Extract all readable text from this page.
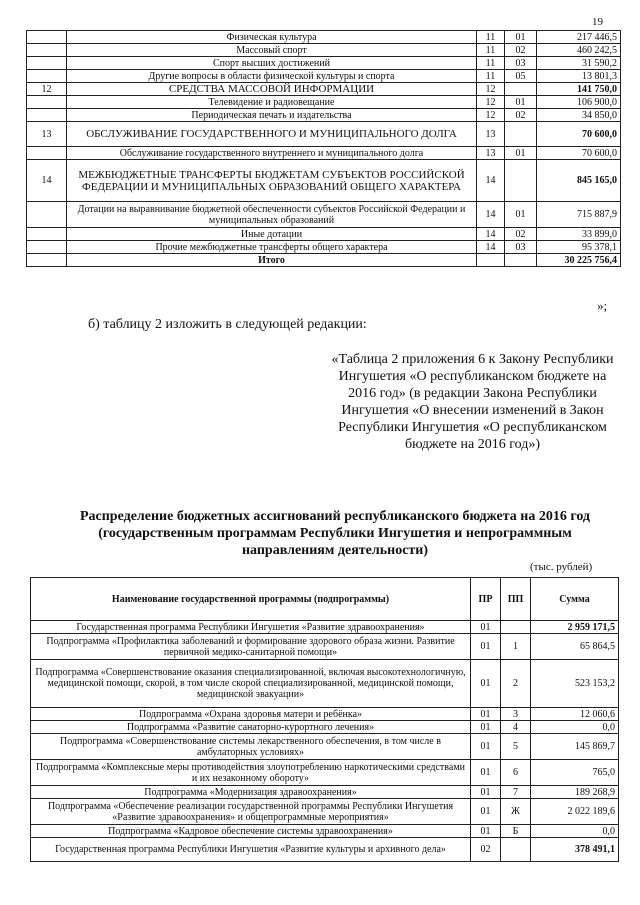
19
	Физическая культура	11	01	217 446,5
	Массовый спорт	11	02	460 242,5
	Спорт высших достижений	11	03	31 590,2
	Другие вопросы в области физической культуры и спорта	11	05	13 801,3
12	СРЕДСТВА МАССОВОЙ ИНФОРМАЦИИ	12		141 750,0
	Телевидение и радиовещание	12	01	106 900,0
	Периодическая печать и издательства	12	02	34 850,0
13	ОБСЛУЖИВАНИЕ ГОСУДАРСТВЕННОГО И МУНИЦИПАЛЬНОГО ДОЛГА	13		70 600,0
	Обслуживание государственного внутреннего и муниципального долга	13	01	70 600,0
14	МЕЖБЮДЖЕТНЫЕ ТРАНСФЕРТЫ БЮДЖЕТАМ СУБЪЕКТОВ РОССИЙСКОЙ ФЕДЕРАЦИИ И МУНИЦИПАЛЬНЫХ ОБРАЗОВАНИЙ ОБЩЕГО ХАРАКТЕРА	14		845 165,0
	Дотации на выравнивание бюджетной обеспеченности субъектов Российской Федерации и муниципальных образований	14	01	715 887,9
	Иные дотации	14	02	33 899,0
	Прочие межбюджетные трансферты общего характера	14	03	95 378,1
	Итого			30 225 756,4
»;
б) таблицу 2 изложить в следующей редакции:
«Таблица 2 приложения 6 к Закону Республики Ингушетия «О республиканском бюджете на 2016 год» (в редакции Закона Республики Ингушетия «О внесении изменений в Закон Республики Ингушетия «О республиканском бюджете на 2016 год»)
Распределение бюджетных ассигнований республиканского бюджета на 2016 год (государственным программам Республики Ингушетия и непрограммным направлениям деятельности)
(тыс. рублей)
Наименование государственной программы (подпрограммы)	ПР	ПП	Сумма
Государственная программа Республики Ингушетия «Развитие здравоохранения»	01		2 959 171,5
Подпрограмма «Профилактика заболеваний и формирование здорового образа жизни. Развитие первичной медико-санитарной помощи»	01	1	65 864,5
Подпрограмма «Совершенствование оказания специализированной, включая высокотехнологичную, медицинской помощи, скорой, в том числе скорой специализированной, медицинской помощи, медицинской эвакуации»	01	2	523 153,2
Подпрограмма «Охрана здоровья матери и ребёнка»	01	3	12 060,6
Подпрограмма «Развитие санаторно-курортного лечения»	01	4	0,0
Подпрограмма «Совершенствование системы лекарственного обеспечения, в том числе в амбулаторных условиях»	01	5	145 869,7
Подпрограмма «Комплексные меры противодействия злоупотреблению наркотическими средствами и их незаконному обороту»	01	6	765,0
Подпрограмма «Модернизация здравоохранения»	01	7	189 268,9
Подпрограмма «Обеспечение реализации государственной программы Республики Ингушетия «Развитие здравоохранения» и общепрограммные мероприятия»	01	Ж	2 022 189,6
Подпрограмма «Кадровое обеспечение системы здравоохранения»	01	Б	0,0
Государственная программа Республики Ингушетия «Развитие культуры и архивного дела»	02		378 491,1
